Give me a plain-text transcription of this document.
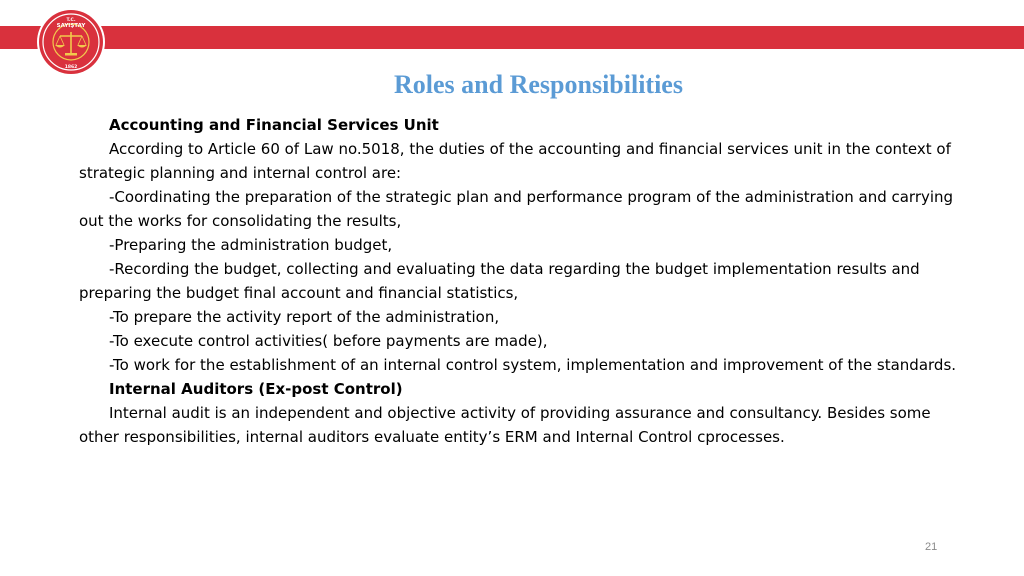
T.C.
SAYIŞTAY
1862
Roles and Responsibilities

Accounting and Financial Services Unit

According to Article 60 of Law no.5018, the duties of the accounting and financial services unit in the context of strategic planning and internal control are:

-Coordinating the preparation of the strategic plan and performance program of the administration and carrying out the works for consolidating the results,

-Preparing the administration budget,

-Recording the budget, collecting and evaluating the data regarding the budget implementation results and preparing the budget final account and financial statistics,

-To prepare the activity report of the administration,

-To execute control activities( before payments are made),

-To work for the establishment of an internal control system, implementation and improvement of the standards.

Internal Auditors (Ex-post Control)

Internal audit is an independent and objective activity of providing assurance and consultancy. Besides some other responsibilities, internal auditors evaluate entity’s ERM and Internal Control cprocesses.

21
